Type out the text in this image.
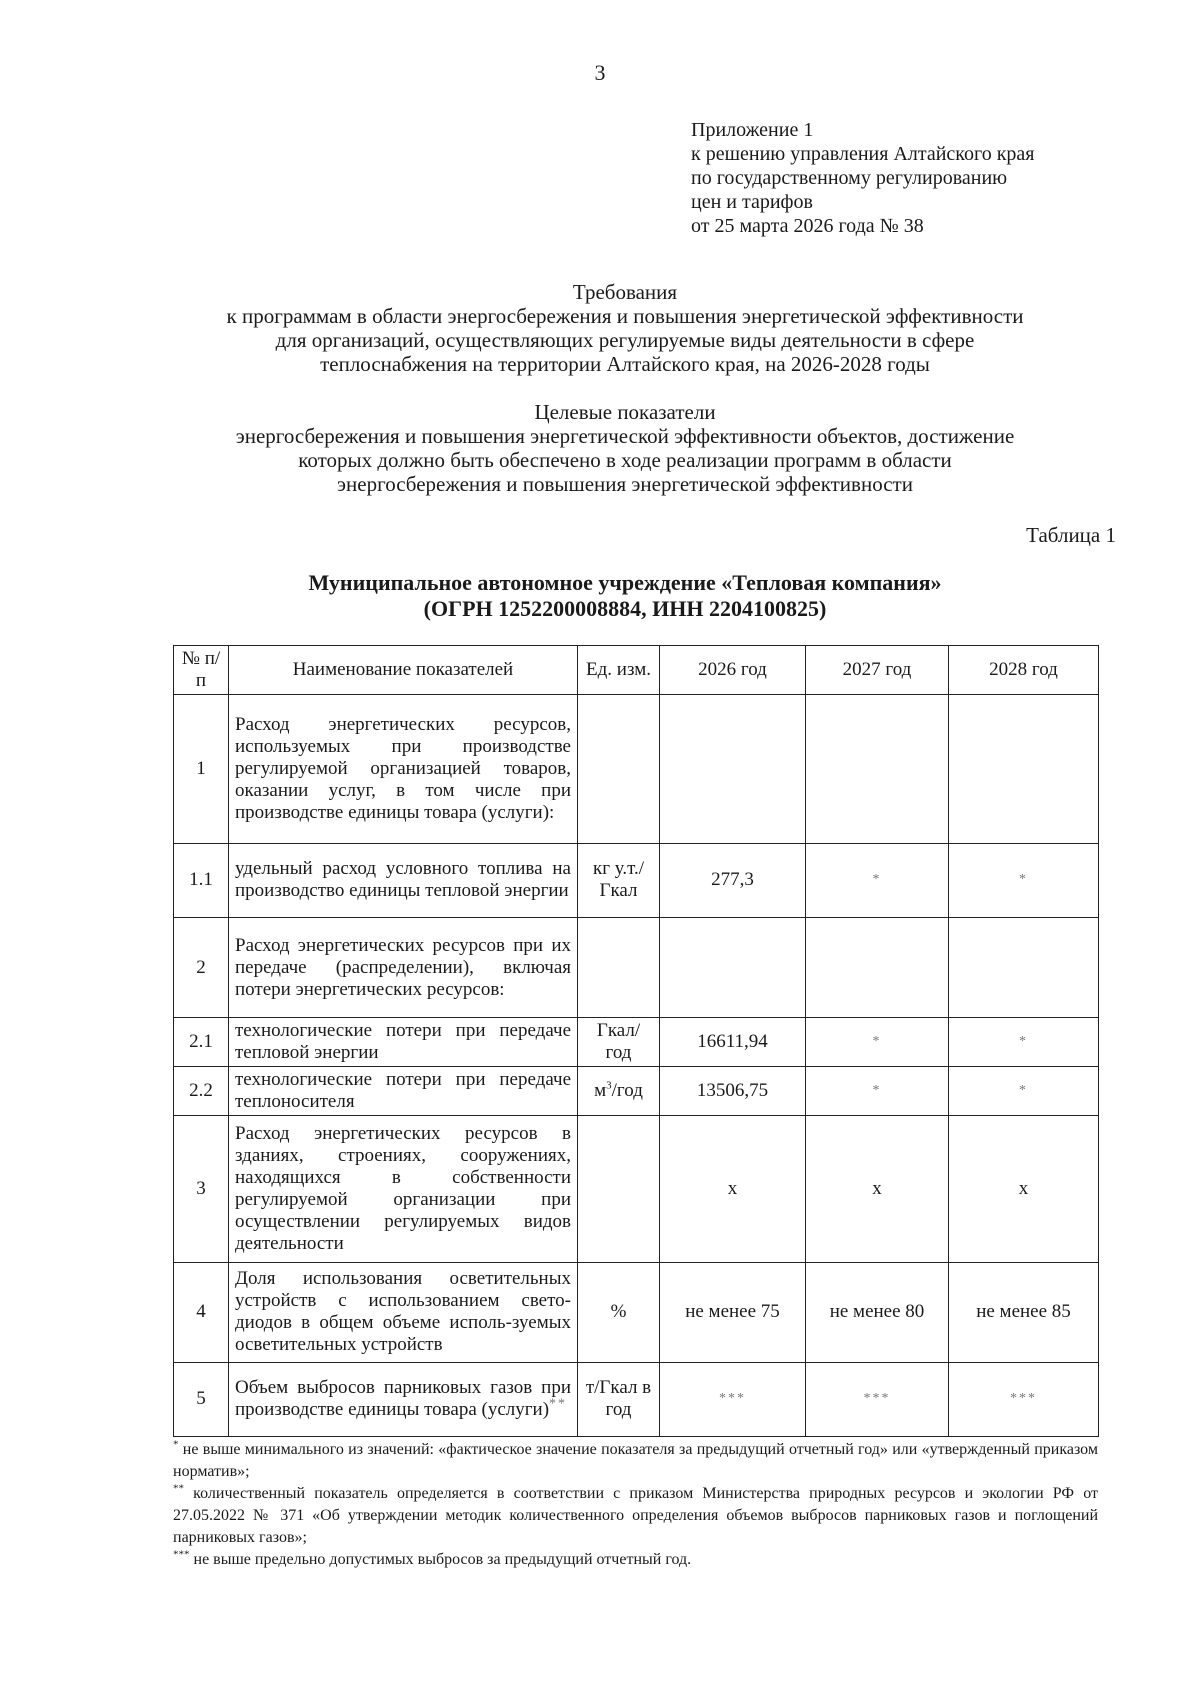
3
Приложение 1
к решению управления Алтайского края
по государственному регулированию
цен и тарифов
от 25 марта 2026 года № 38
Требования
к программам в области энергосбережения и повышения энергетической эффективности
для организаций, осуществляющих регулируемые виды деятельности в сфере
теплоснабжения на территории Алтайского края, на 2026-2028 годы
Целевые показатели
энергосбережения и повышения энергетической эффективности объектов, достижение
которых должно быть обеспечено в ходе реализации программ в области
энергосбережения и повышения энергетической эффективности
Таблица 1
Муниципальное автономное учреждение «Тепловая компания»
(ОГРН 1252200008884, ИНН 2204100825)
№ п/п	Наименование показателей	Ед. изм.	2026 год	2027 год	2028 год
1	Расход энергетических ресурсов, используемых при производстве регулируемой организацией товаров, оказании услуг, в том числе при производстве единицы товара (услуги):				
1.1	удельный расход условного топлива на производство единицы тепловой энергии	кг у.т./ Гкал	277,3	*	*
2	Расход энергетических ресурсов при их передаче (распределении), включая потери энергетических ресурсов:				
2.1	технологические потери при передаче тепловой энергии	Гкал/ год	16611,94	*	*
2.2	технологические потери при передаче теплоносителя	$м^3$/год	13506,75	*	*
3	Расход энергетических ресурсов в зданиях, строениях, сооружениях, находящихся в собственности регулируемой организации при осуществлении регулируемых видов деятельности		х	х	х
4	Доля использования осветительных устройств с использованием свето-диодов в общем объеме исполь-зуемых осветительных устройств	%	не менее 75	не менее 80	не менее 85
5	Объем выбросов парниковых газов при производстве единицы товара (услуги)**	т/Гкал в год	***	***	***

* не выше минимального из значений: «фактическое значение показателя за предыдущий отчетный год» или «утвержденный приказом норматив»;

** количественный показатель определяется в соответствии с приказом Министерства природных ресурсов и экологии РФ от 27.05.2022 № 371 «Об утверждении методик количественного определения объемов выбросов парниковых газов и поглощений парниковых газов»;

*** не выше предельно допустимых выбросов за предыдущий отчетный год.
